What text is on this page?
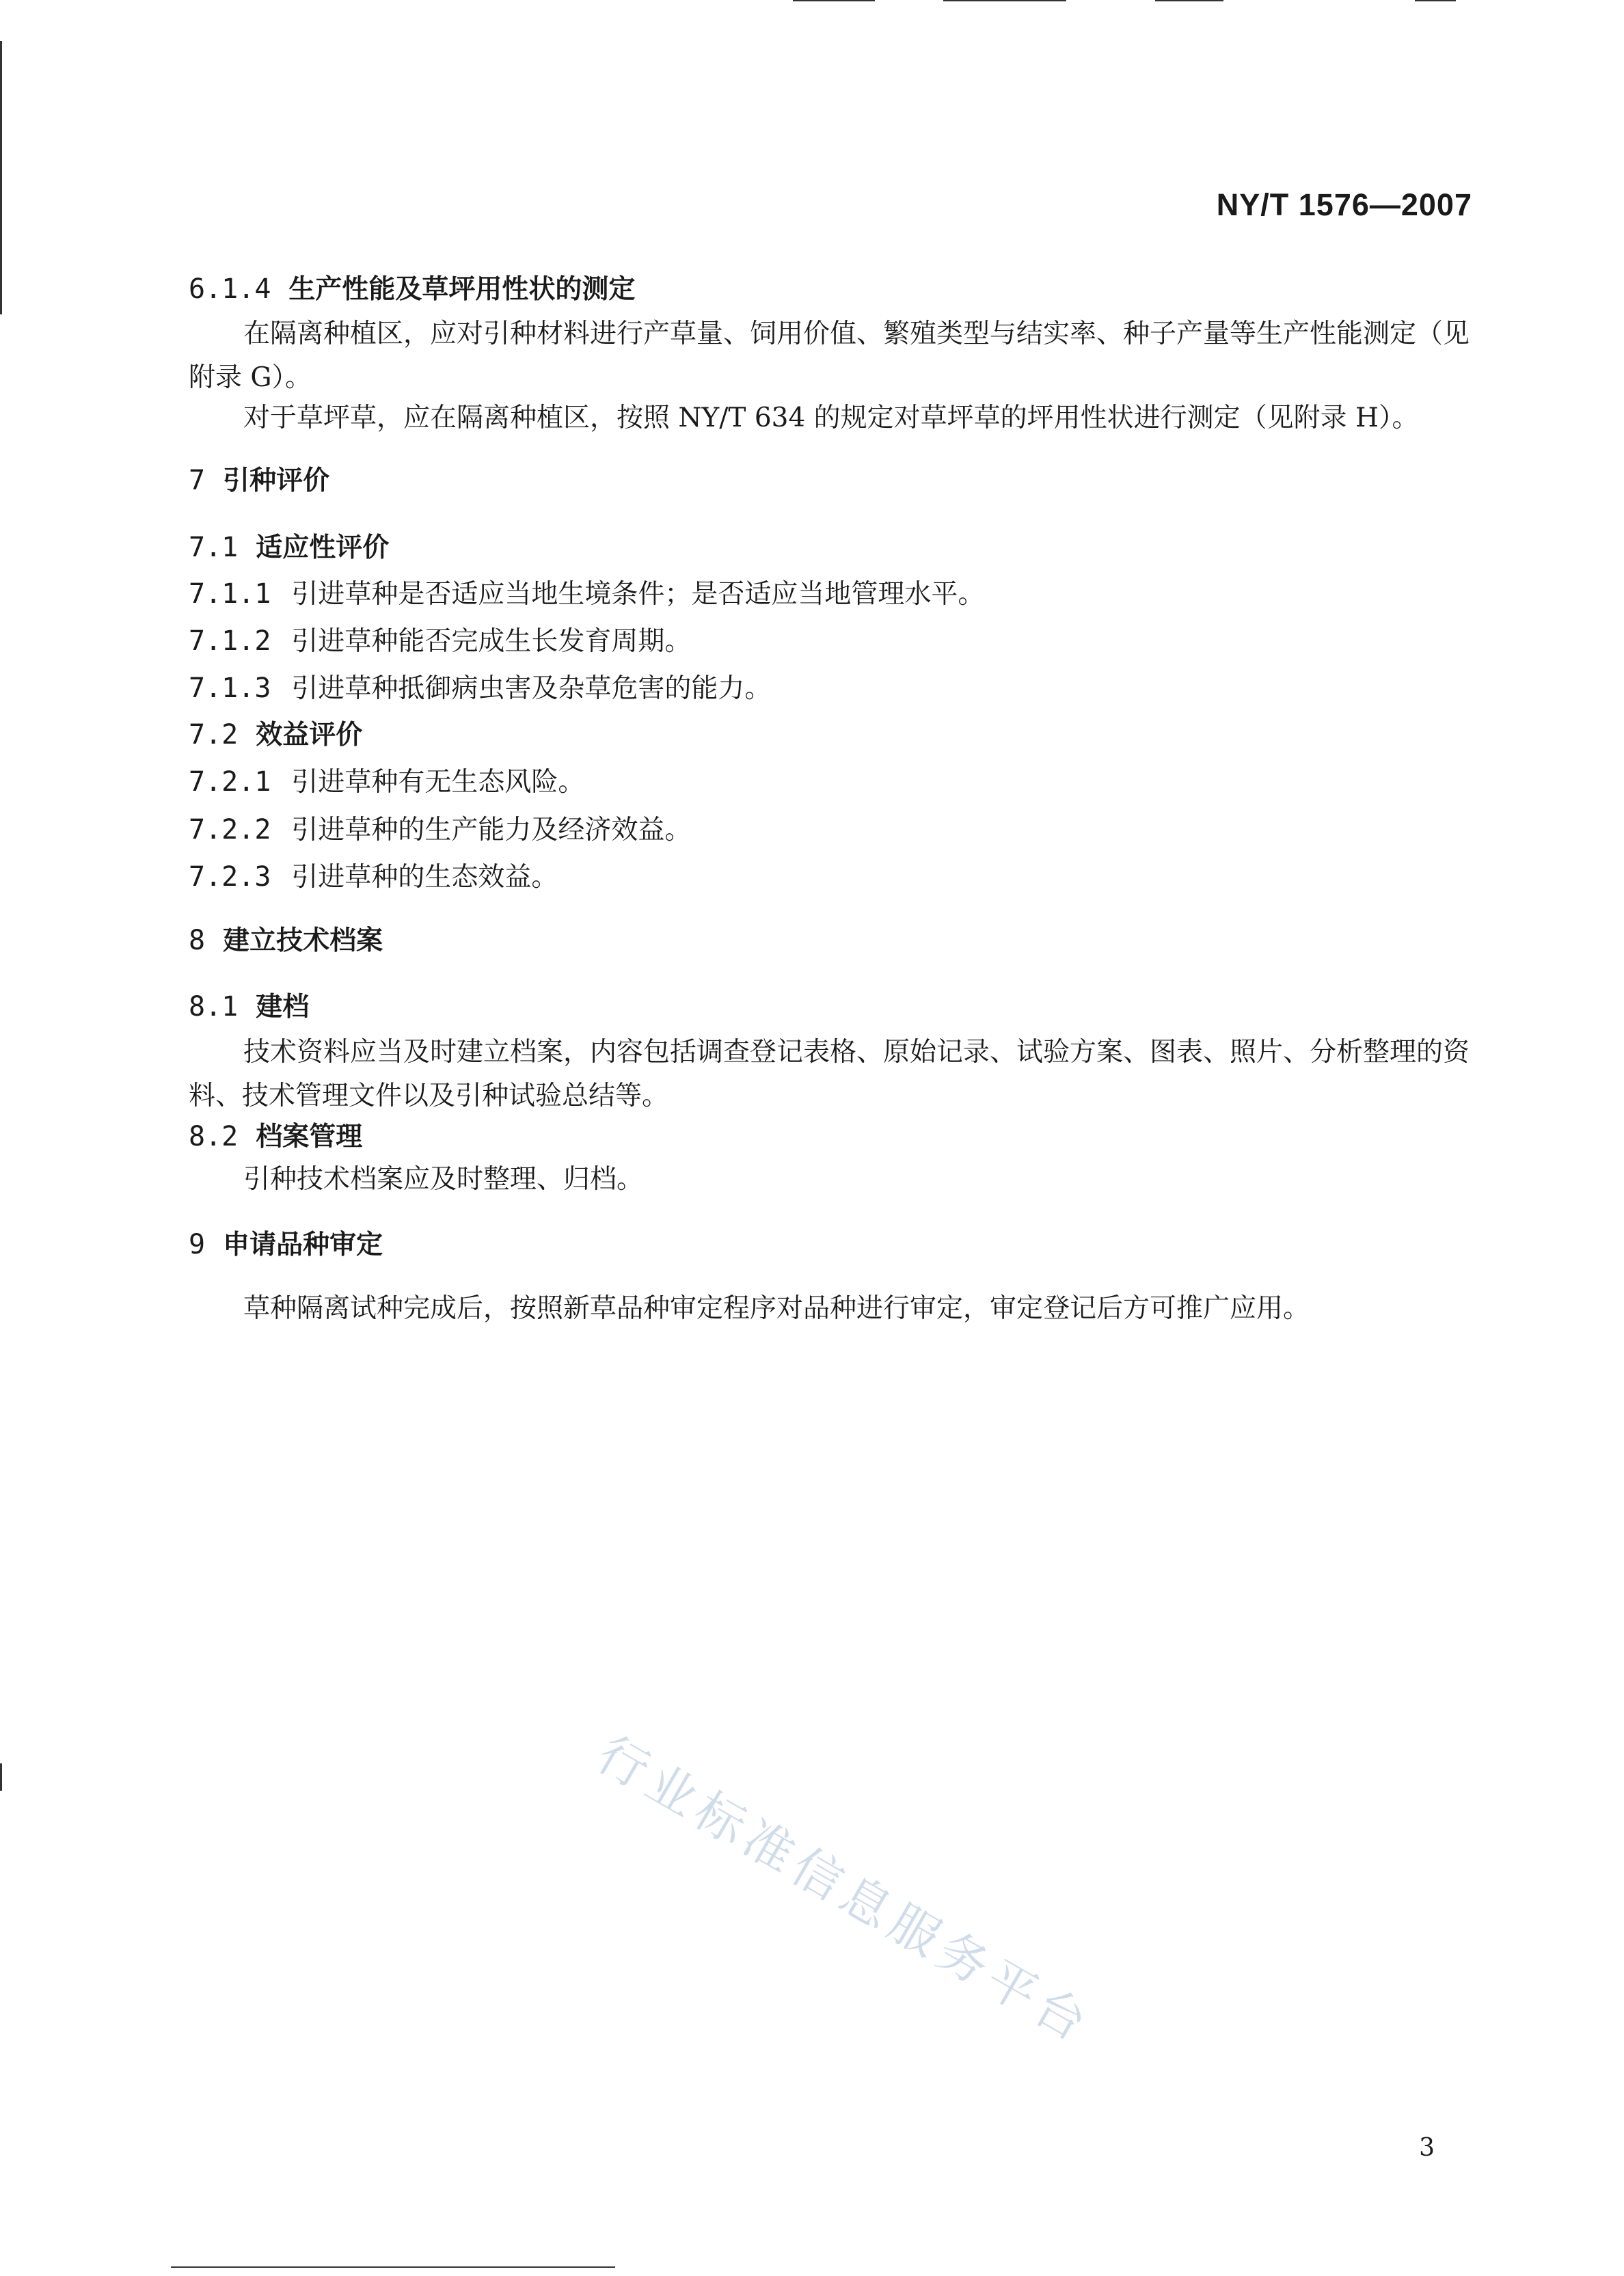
NY/T 1576—2007
6.1.4 生产性能及草坪用性状的测定
在隔离种植区，应对引种材料进行产草量、饲用价值、繁殖类型与结实率、种子产量等生产性能测定（见附录 G）。
对于草坪草，应在隔离种植区，按照 NY/T 634 的规定对草坪草的坪用性状进行测定（见附录 H）。
7 引种评价
7.1 适应性评价
7.1.1 引进草种是否适应当地生境条件；是否适应当地管理水平。
7.1.2 引进草种能否完成生长发育周期。
7.1.3 引进草种抵御病虫害及杂草危害的能力。
7.2 效益评价
7.2.1 引进草种有无生态风险。
7.2.2 引进草种的生产能力及经济效益。
7.2.3 引进草种的生态效益。
8 建立技术档案
8.1 建档
技术资料应当及时建立档案，内容包括调查登记表格、原始记录、试验方案、图表、照片、分析整理的资料、技术管理文件以及引种试验总结等。
8.2 档案管理
引种技术档案应及时整理、归档。
9 申请品种审定
草种隔离试种完成后，按照新草品种审定程序对品种进行审定，审定登记后方可推广应用。
行业标准信息服务平台
3
